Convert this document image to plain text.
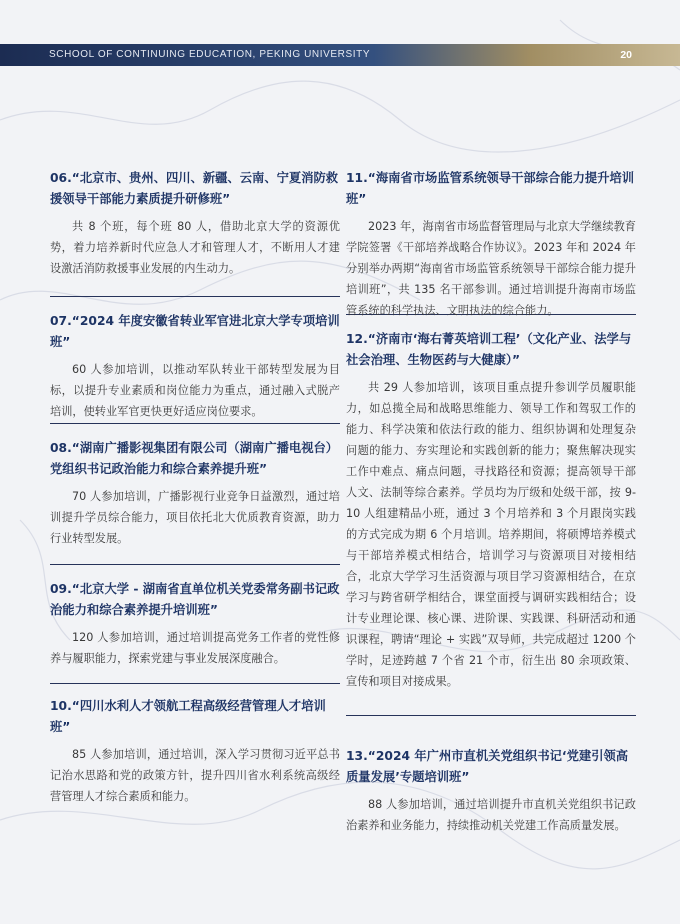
SCHOOL OF CONTINUING EDUCATION, PEKING UNIVERSITY	20

06.“北京市、贵州、四川、新疆、云南、宁夏消防救援领导干部能力素质提升研修班”

共 8 个班，每个班 80 人，借助北京大学的资源优势，着力培养新时代应急人才和管理人才，不断用人才建设激活消防救援事业发展的内生动力。

07.“2024 年度安徽省转业军官进北京大学专项培训班”

60 人参加培训，以推动军队转业干部转型发展为目标，以提升专业素质和岗位能力为重点，通过融入式脱产培训，使转业军官更快更好适应岗位要求。

08.“湖南广播影视集团有限公司（湖南广播电视台）党组织书记政治能力和综合素养提升班”

70 人参加培训，广播影视行业竞争日益激烈，通过培训提升学员综合能力，项目依托北大优质教育资源，助力行业转型发展。

09.“北京大学 - 湖南省直单位机关党委常务副书记政治能力和综合素养提升培训班”

120 人参加培训，通过培训提高党务工作者的党性修养与履职能力，探索党建与事业发展深度融合。

10.“四川水利人才领航工程高级经营管理人才培训班”

85 人参加培训，通过培训，深入学习贯彻习近平总书记治水思路和党的政策方针，提升四川省水利系统高级经营管理人才综合素质和能力。

11.“海南省市场监管系统领导干部综合能力提升培训班”

2023 年，海南省市场监督管理局与北京大学继续教育学院签署《干部培养战略合作协议》。2023 年和 2024 年分别举办两期“海南省市场监管系统领导干部综合能力提升培训班”，共 135 名干部参训。通过培训提升海南市场监管系统的科学执法、文明执法的综合能力。

12.“济南市‘海右菁英培训工程’（文化产业、法学与社会治理、生物医药与大健康）”

共 29 人参加培训，该项目重点提升参训学员履职能力，如总揽全局和战略思维能力、领导工作和驾驭工作的能力、科学决策和依法行政的能力、组织协调和处理复杂问题的能力、夯实理论和实践创新的能力；聚焦解决现实工作中难点、痛点问题，寻找路径和资源；提高领导干部人文、法制等综合素养。学员均为厅级和处级干部，按 9-10 人组建精品小班，通过 3 个月培养和 3 个月跟岗实践的方式完成为期 6 个月培训。培养期间，将硕博培养模式与干部培养模式相结合，培训学习与资源项目对接相结合，北京大学学习生活资源与项目学习资源相结合，在京学习与跨省研学相结合，课堂面授与调研实践相结合；设计专业理论课、核心课、进阶课、实践课、科研活动和通识课程，聘请“理论 + 实践”双导师，共完成超过 1200 个学时，足迹跨越 7 个省 21 个市，衍生出 80 余项政策、宣传和项目对接成果。

13.“2024 年广州市直机关党组织书记‘党建引领高质量发展’专题培训班”

88 人参加培训，通过培训提升市直机关党组织书记政治素养和业务能力，持续推动机关党建工作高质量发展。
